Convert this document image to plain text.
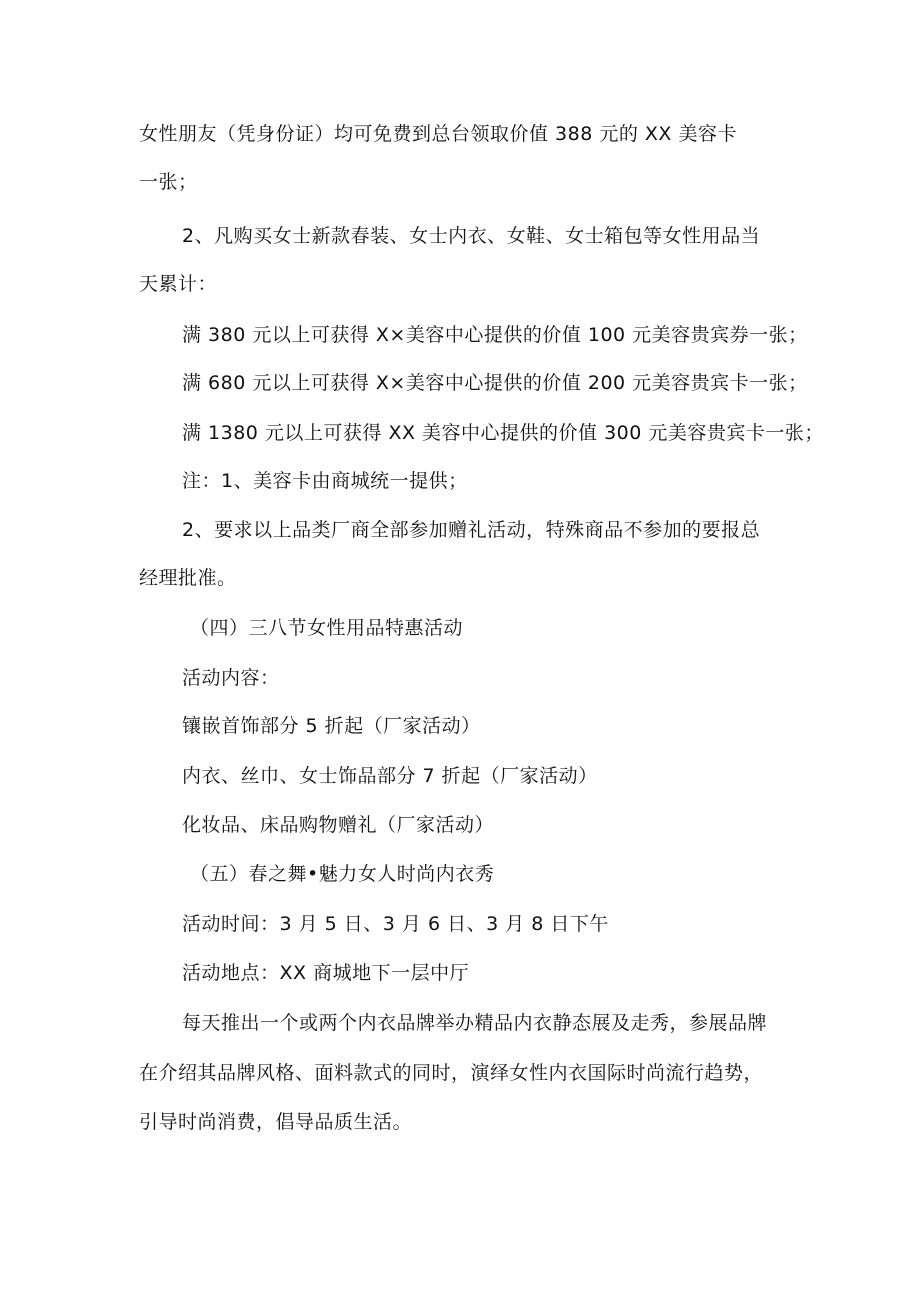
女性朋友（凭身份证）均可免费到总台领取价值 388 元的 XX 美容卡
一张；
2、凡购买女士新款春装、女士内衣、女鞋、女士箱包等女性用品当
天累计：
满 380 元以上可获得 X×美容中心提供的价值 100 元美容贵宾券一张；
满 680 元以上可获得 X×美容中心提供的价值 200 元美容贵宾卡一张；
满 1380 元以上可获得 XX 美容中心提供的价值 300 元美容贵宾卡一张；
注：1、美容卡由商城统一提供；
2、要求以上品类厂商全部参加赠礼活动，特殊商品不参加的要报总
经理批准。
（四）三八节女性用品特惠活动
活动内容：
镶嵌首饰部分 5 折起（厂家活动）
内衣、丝巾、女士饰品部分 7 折起（厂家活动）
化妆品、床品购物赠礼（厂家活动）
（五）春之舞•魅力女人时尚内衣秀
活动时间：3 月 5 日、3 月 6 日、3 月 8 日下午
活动地点：XX 商城地下一层中厅
每天推出一个或两个内衣品牌举办精品内衣静态展及走秀，参展品牌
在介绍其品牌风格、面料款式的同时，演绎女性内衣国际时尚流行趋势，
引导时尚消费，倡导品质生活。
